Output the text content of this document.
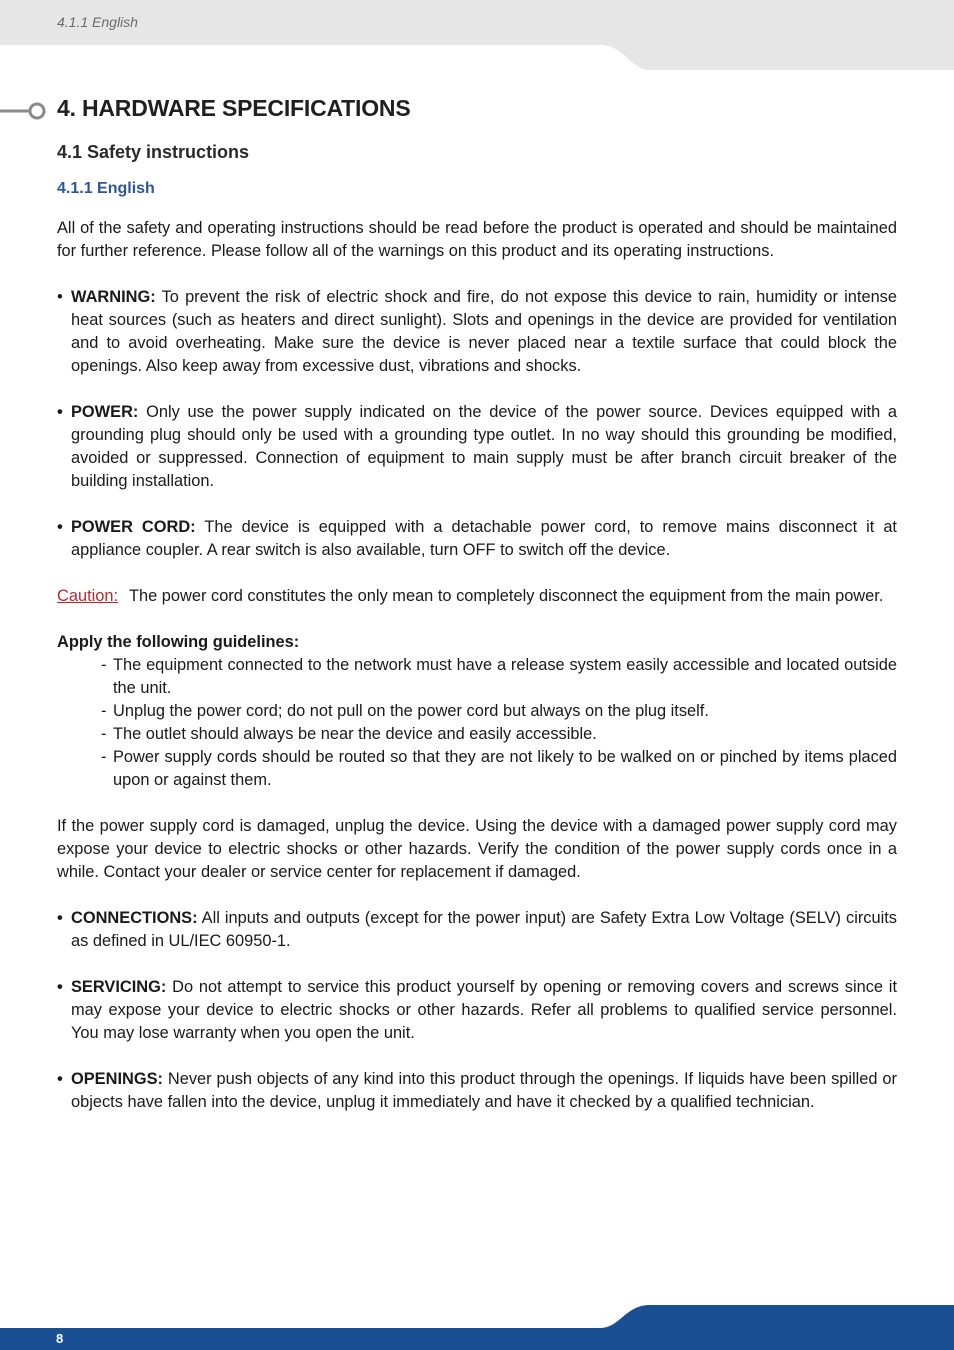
4.1.1 English
4. HARDWARE SPECIFICATIONS
4.1 Safety instructions
4.1.1 English

All of the safety and operating instructions should be read before the product is operated and should be maintained for further reference. Please follow all of the warnings on this product and its operating instructions.

• WARNING: To prevent the risk of electric shock and fire, do not expose this device to rain, humidity or intense heat sources (such as heaters and direct sunlight). Slots and openings in the device are provided for ventilation and to avoid overheating. Make sure the device is never placed near a textile surface that could block the openings. Also keep away from excessive dust, vibrations and shocks.
• POWER: Only use the power supply indicated on the device of the power source. Devices equipped with a grounding plug should only be used with a grounding type outlet. In no way should this grounding be modified, avoided or suppressed. Connection of equipment to main supply must be after branch circuit breaker of the building installation.
• POWER CORD: The device is equipped with a detachable power cord, to remove mains disconnect it at appliance coupler. A rear switch is also available, turn OFF to switch off the device.
Caution: The power cord constitutes the only mean to completely disconnect the equipment from the main power.

Apply the following guidelines:

- The equipment connected to the network must have a release system easily accessible and located outside the unit.
- Unplug the power cord; do not pull on the power cord but always on the plug itself.
- The outlet should always be near the device and easily accessible.
- Power supply cords should be routed so that they are not likely to be walked on or pinched by items placed upon or against them.

If the power supply cord is damaged, unplug the device. Using the device with a damaged power supply cord may expose your device to electric shocks or other hazards. Verify the condition of the power supply cords once in a while. Contact your dealer or service center for replacement if damaged.

• CONNECTIONS: All inputs and outputs (except for the power input) are Safety Extra Low Voltage (SELV) circuits as defined in UL/IEC 60950-1.
• SERVICING: Do not attempt to service this product yourself by opening or removing covers and screws since it may expose your device to electric shocks or other hazards. Refer all problems to qualified service personnel. You may lose warranty when you open the unit.
• OPENINGS: Never push objects of any kind into this product through the openings. If liquids have been spilled or objects have fallen into the device, unplug it immediately and have it checked by a qualified technician.
8
